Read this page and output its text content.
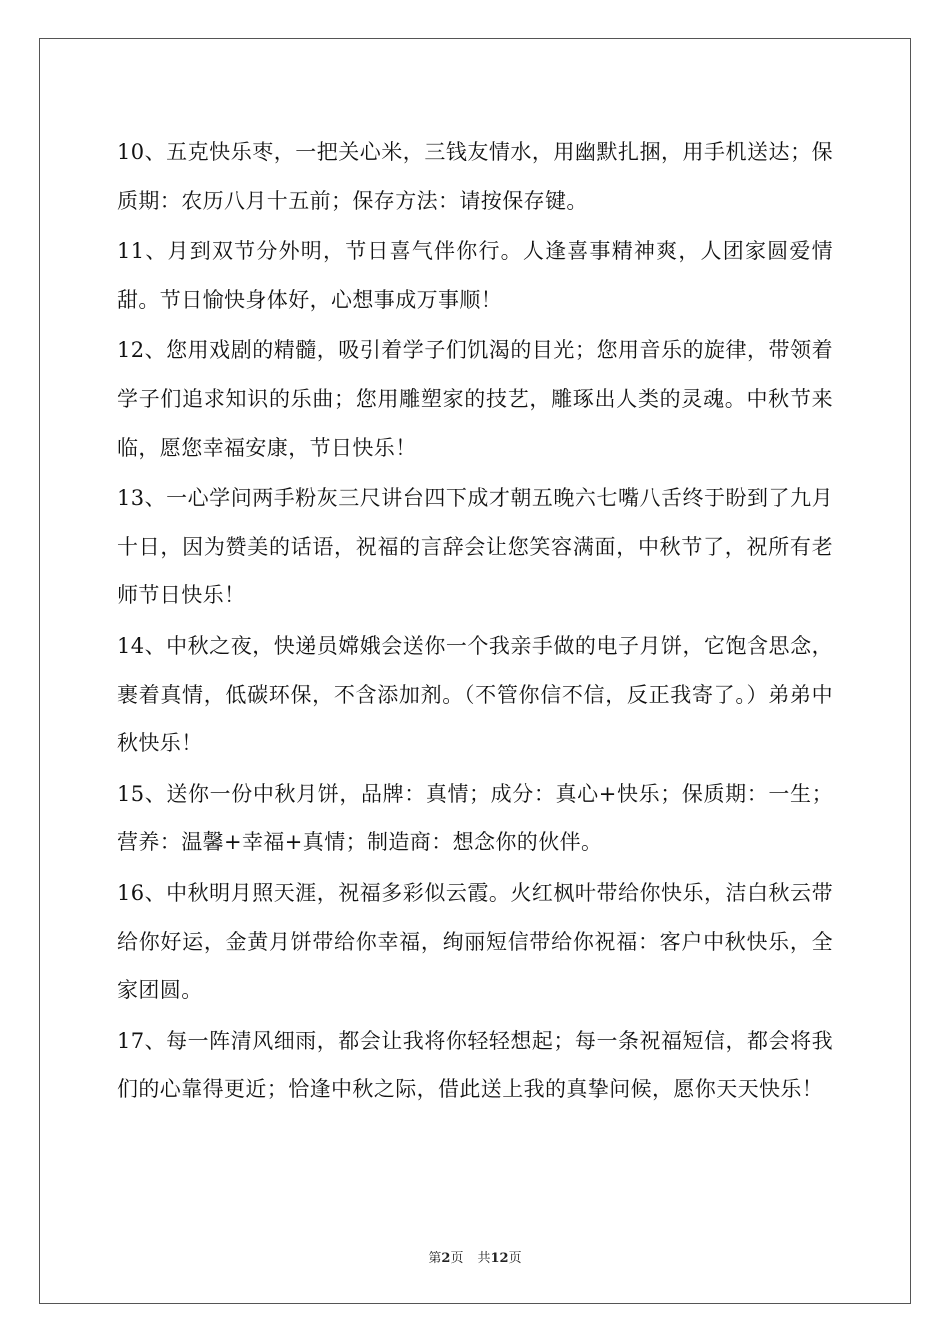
10、五克快乐枣，一把关心米，三钱友情水，用幽默扎捆，用手机送达；保质期：农历八月十五前；保存方法：请按保存键。

11、月到双节分外明，节日喜气伴你行。人逢喜事精神爽，人团家圆爱情甜。节日愉快身体好，心想事成万事顺！

12、您用戏剧的精髓，吸引着学子们饥渴的目光；您用音乐的旋律，带领着学子们追求知识的乐曲；您用雕塑家的技艺，雕琢出人类的灵魂。中秋节来临，愿您幸福安康，节日快乐！

13、一心学问两手粉灰三尺讲台四下成才朝五晚六七嘴八舌终于盼到了九月十日，因为赞美的话语，祝福的言辞会让您笑容满面，中秋节了，祝所有老师节日快乐！

14、中秋之夜，快递员嫦娥会送你一个我亲手做的电子月饼，它饱含思念，裹着真情，低碳环保，不含添加剂。（不管你信不信，反正我寄了。）弟弟中秋快乐！

15、送你一份中秋月饼，品牌：真情；成分：真心+快乐；保质期：一生；营养：温馨+幸福+真情；制造商：想念你的伙伴。

16、中秋明月照天涯，祝福多彩似云霞。火红枫叶带给你快乐，洁白秋云带给你好运，金黄月饼带给你幸福，绚丽短信带给你祝福：客户中秋快乐，全家团圆。

17、每一阵清风细雨，都会让我将你轻轻想起；每一条祝福短信，都会将我们的心靠得更近；恰逢中秋之际，借此送上我的真挚问候，愿你天天快乐！

第2页 共12页
